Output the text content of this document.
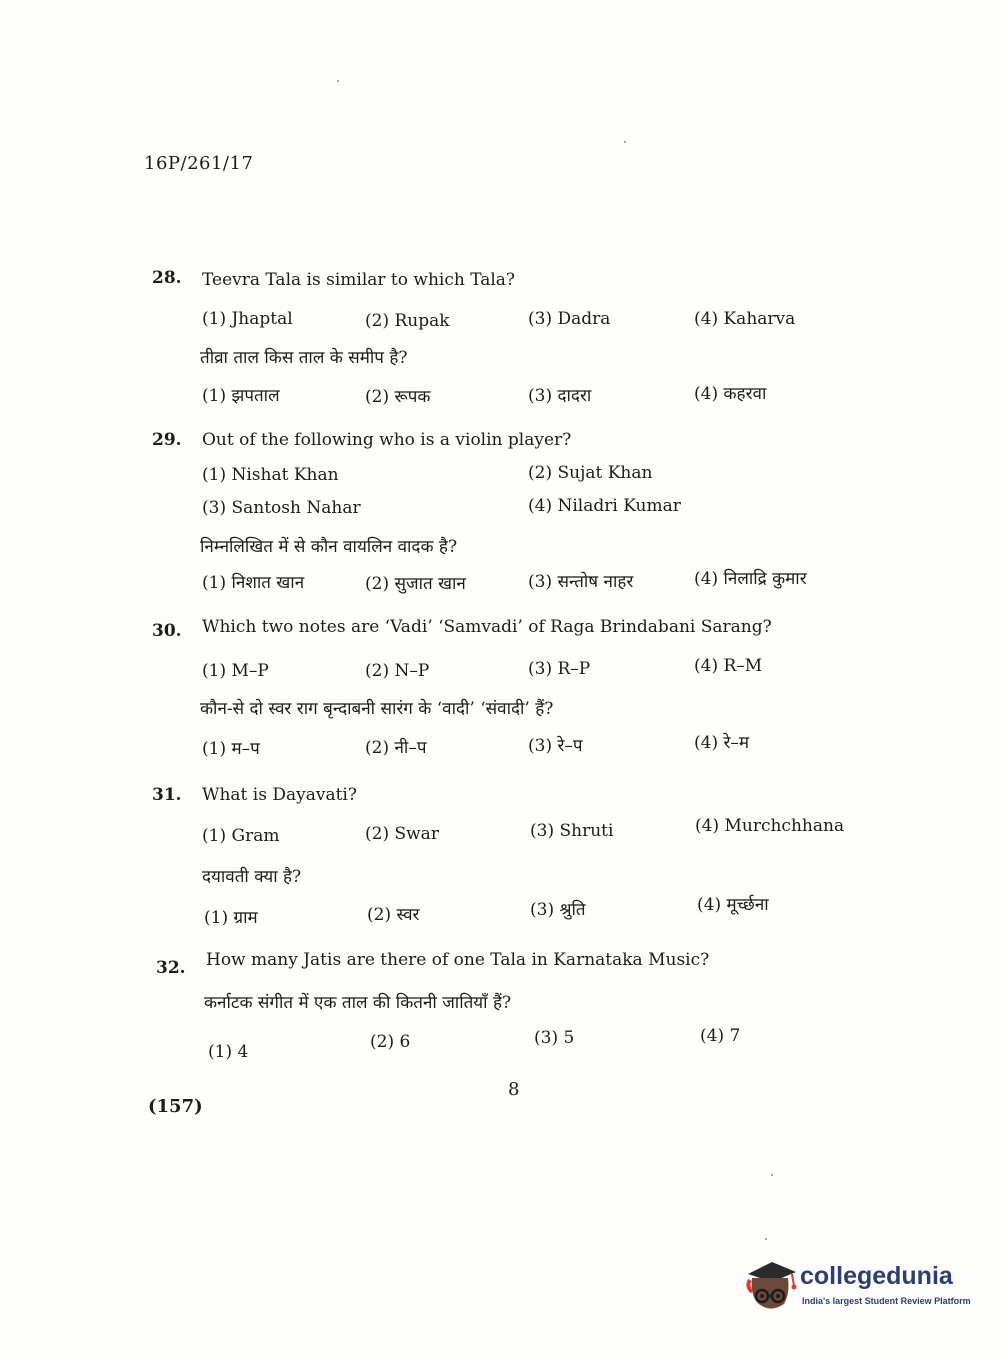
16P/261/17
28. Teevra Tala is similar to which Tala?
(1) Jhaptal	(2) Rupak	(3) Dadra	(4) Kaharva
तीव्रा ताल किस ताल के समीप है?
(1) झपताल	(2) रूपक	(3) दादरा	(4) कहरवा
29. Out of the following who is a violin player?
(1) Nishat Khan	(2) Sujat Khan
(3) Santosh Nahar	(4) Niladri Kumar
निम्नलिखित में से कौन वायलिन वादक है?
(1) निशात खान	(2) सुजात खान	(3) सन्तोष नाहर	(4) निलाद्रि कुमार
30. Which two notes are ‘Vadi’ ‘Samvadi’ of Raga Brindabani Sarang?
(1) M–P	(2) N–P	(3) R–P	(4) R–M
कौन-से दो स्वर राग बृन्दाबनी सारंग के ‘वादी’ ‘संवादी’ हैं?
(1) म–प	(2) नी–प	(3) रे–प	(4) रे–म
31. What is Dayavati?
(1) Gram	(2) Swar	(3) Shruti	(4) Murchchhana
दयावती क्या है?
(1) ग्राम	(2) स्वर	(3) श्रुति	(4) मूर्च्छना
32. How many Jatis are there of one Tala in Karnataka Music?
कर्नाटक संगीत में एक ताल की कितनी जातियाँ हैं?
(1) 4	(2) 6	(3) 5	(4) 7
8
(157)
collegedunia
India's largest Student Review Platform
